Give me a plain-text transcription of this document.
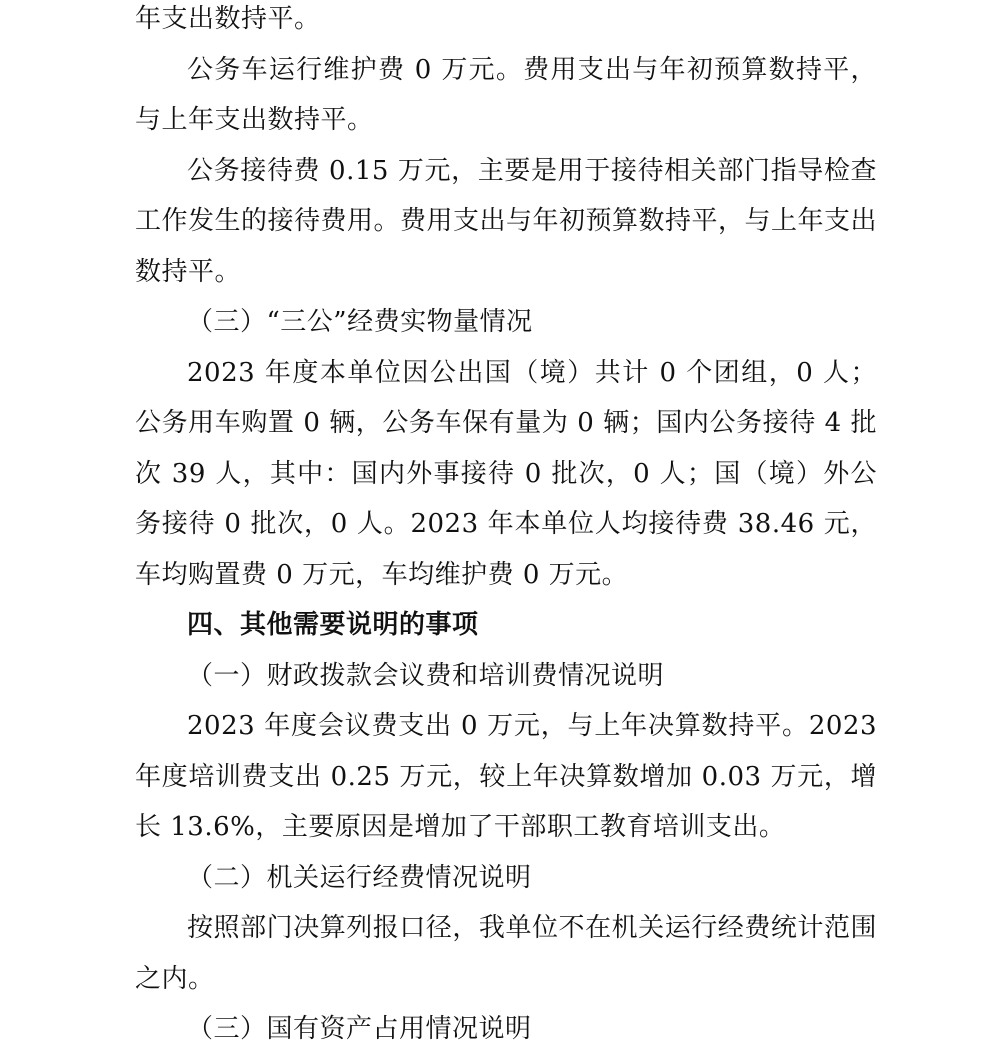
年支出数持平。

公务车运行维护费 0 万元。费用支出与年初预算数持平，与上年支出数持平。

公务接待费 0.15 万元，主要是用于接待相关部门指导检查工作发生的接待费用。费用支出与年初预算数持平，与上年支出数持平。

（三）“三公”经费实物量情况

2023 年度本单位因公出国（境）共计 0 个团组，0 人；公务用车购置 0 辆，公务车保有量为 0 辆；国内公务接待 4 批次 39 人，其中：国内外事接待 0 批次，0 人；国（境）外公务接待 0 批次，0 人。2023 年本单位人均接待费 38.46 元，车均购置费 0 万元，车均维护费 0 万元。

四、其他需要说明的事项

（一）财政拨款会议费和培训费情况说明

2023 年度会议费支出 0 万元，与上年决算数持平。2023 年度培训费支出 0.25 万元，较上年决算数增加 0.03 万元，增长 13.6%，主要原因是增加了干部职工教育培训支出。

（二）机关运行经费情况说明

按照部门决算列报口径，我单位不在机关运行经费统计范围之内。

（三）国有资产占用情况说明
